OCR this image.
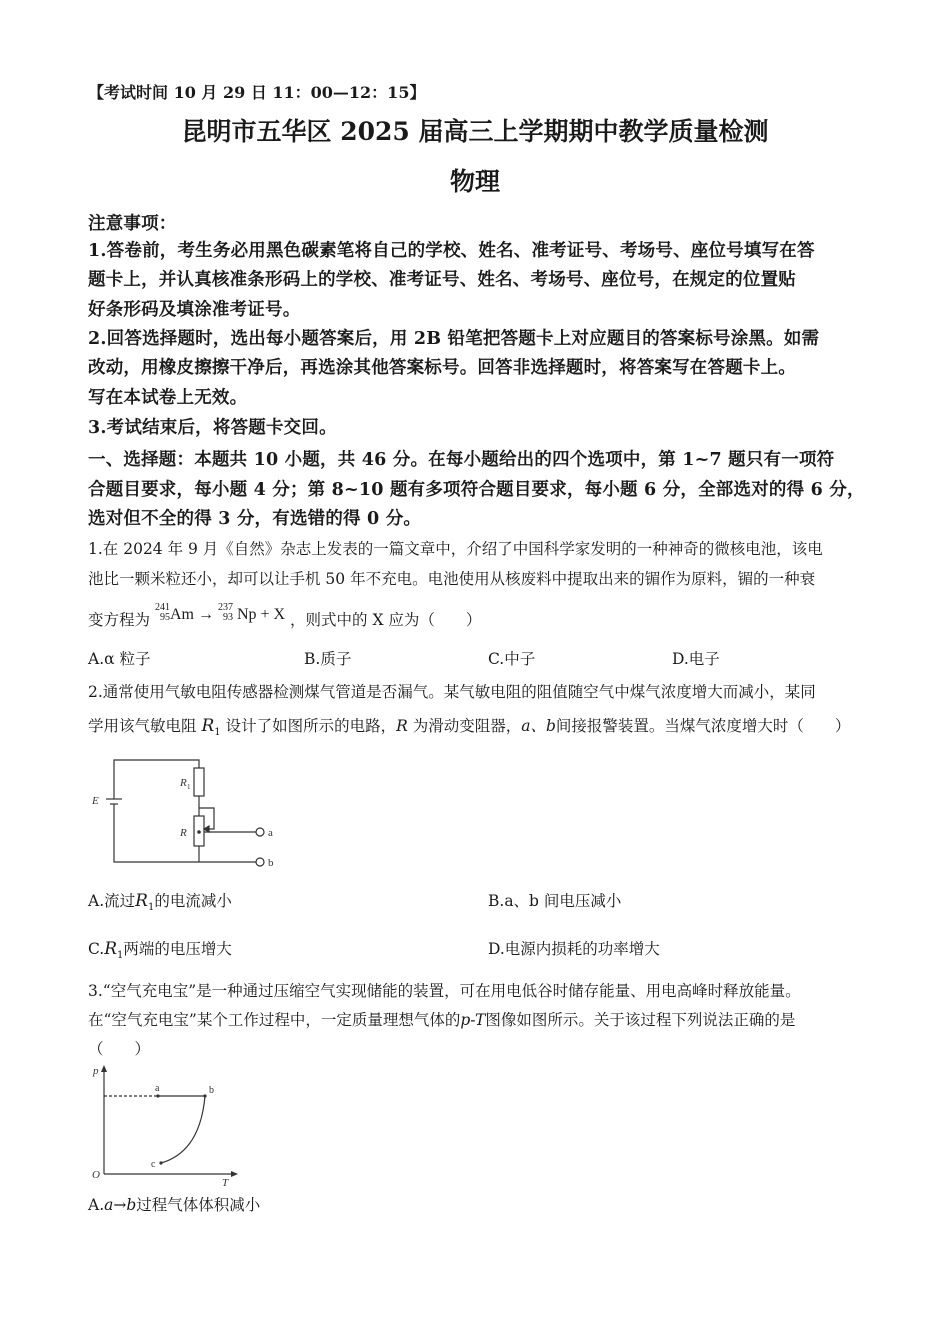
【考试时间 10 月 29 日 11：00—12：15】
昆明市五华区 2025 届高三上学期期中教学质量检测
物理
注意事项：
1.答卷前，考生务必用黑色碳素笔将自己的学校、姓名、准考证号、考场号、座位号填写在答
题卡上，并认真核准条形码上的学校、准考证号、姓名、考场号、座位号，在规定的位置贴
好条形码及填涂准考证号。
2.回答选择题时，选出每小题答案后，用 2B 铅笔把答题卡上对应题目的答案标号涂黑。如需
改动，用橡皮擦擦干净后，再选涂其他答案标号。回答非选择题时，将答案写在答题卡上。
写在本试卷上无效。
3.考试结束后，将答题卡交回。
一、选择题：本题共 10 小题，共 46 分。在每小题给出的四个选项中，第 1~7 题只有一项符
合题目要求，每小题 4 分；第 8~10 题有多项符合题目要求，每小题 6 分，全部选对的得 6 分，
选对但不全的得 3 分，有选错的得 0 分。
1.在 2024 年 9 月《自然》杂志上发表的一篇文章中，介绍了中国科学家发明的一种神奇的微核电池，该电
池比一颗米粒还小，却可以让手机 50 年不充电。电池使用从核废料中提取出来的镅作为原料，镅的一种衰
变方程为
241
95 Am → 237
93 Np + X ，则式中的 X 应为（　　）
A.α 粒子	B.质子	C.中子	D.电子
2.通常使用气敏电阻传感器检测煤气管道是否漏气。某气敏电阻的阻值随空气中煤气浓度增大而减小，某同
学用该气敏电阻 $R_1$ 设计了如图所示的电路，R 为滑动变阻器，a、b间接报警装置。当煤气浓度增大时（　　）
E
R 1
R	a
b
A.流过$R_1$的电流减小	B.a、b 间电压减小
$C.R_1$两端的电压增大	D.电源内损耗的功率增大
3.“空气充电宝”是一种通过压缩空气实现储能的装置，可在用电低谷时储存能量、用电高峰时释放能量。
在“空气充电宝”某个工作过程中，一定质量理想气体的p-T图像如图所示。关于该过程下列说法正确的是
（　　）
p
T
O
a	b
c
A.a→b过程气体体积减小
